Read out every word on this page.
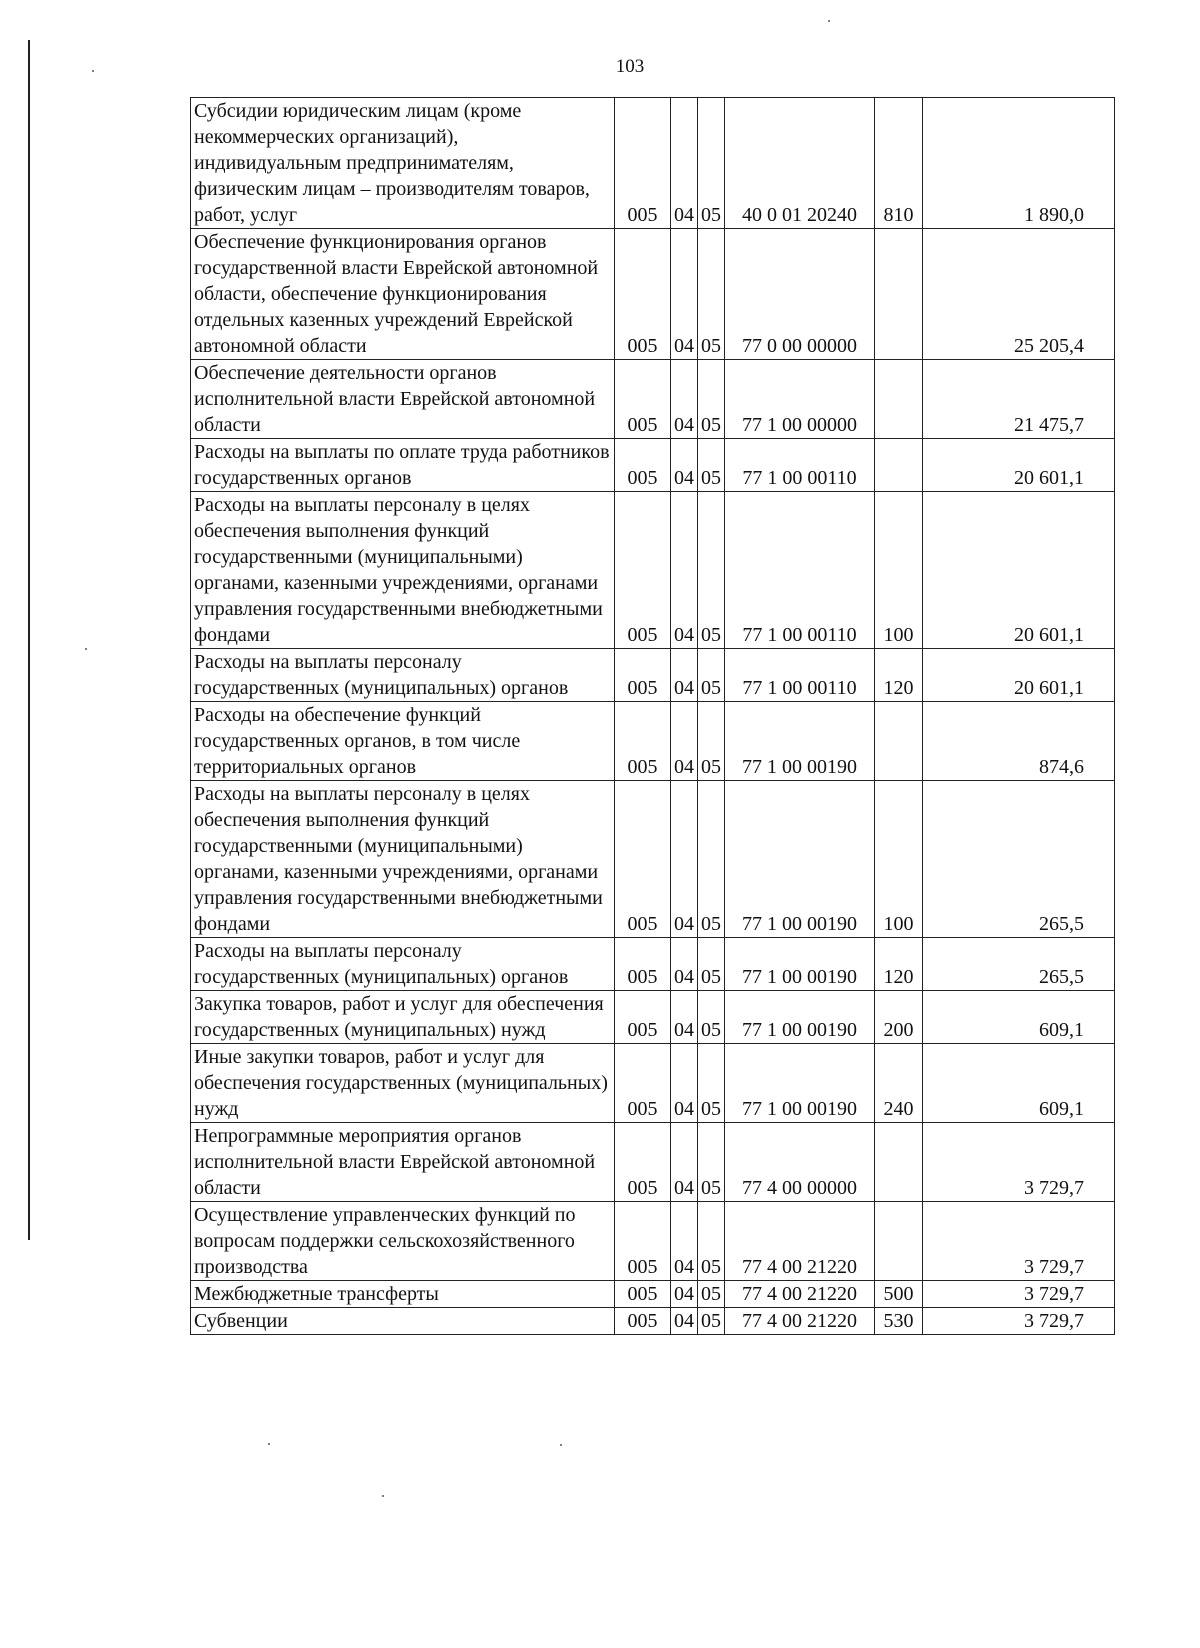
103
Субсидии юридическим лицам (кроме некоммерческих организаций), индивидуальным предпринимателям, физическим лицам – производителям товаров, работ, услуг	005	04	05	40 0 01 20240	810	1 890,0
Обеспечение функционирования органов государственной власти Еврейской автономной области, обеспечение функционирования отдельных казенных учреждений Еврейской автономной области	005	04	05	77 0 00 00000		25 205,4
Обеспечение деятельности органов исполнительной власти Еврейской автономной области	005	04	05	77 1 00 00000		21 475,7
Расходы на выплаты по оплате труда работников государственных органов	005	04	05	77 1 00 00110		20 601,1
Расходы на выплаты персоналу в целях обеспечения выполнения функций государственными (муниципальными) органами, казенными учреждениями, органами управления государственными внебюджетными фондами	005	04	05	77 1 00 00110	100	20 601,1
Расходы на выплаты персоналу государственных (муниципальных) органов	005	04	05	77 1 00 00110	120	20 601,1
Расходы на обеспечение функций государственных органов, в том числе территориальных органов	005	04	05	77 1 00 00190		874,6
Расходы на выплаты персоналу в целях обеспечения выполнения функций государственными (муниципальными) органами, казенными учреждениями, органами управления государственными внебюджетными фондами	005	04	05	77 1 00 00190	100	265,5
Расходы на выплаты персоналу государственных (муниципальных) органов	005	04	05	77 1 00 00190	120	265,5
Закупка товаров, работ и услуг для обеспечения государственных (муниципальных) нужд	005	04	05	77 1 00 00190	200	609,1
Иные закупки товаров, работ и услуг для обеспечения государственных (муниципальных) нужд	005	04	05	77 1 00 00190	240	609,1
Непрограммные мероприятия органов исполнительной власти Еврейской автономной области	005	04	05	77 4 00 00000		3 729,7
Осуществление управленческих функций по вопросам поддержки сельскохозяйственного производства	005	04	05	77 4 00 21220		3 729,7
Межбюджетные трансферты	005	04	05	77 4 00 21220	500	3 729,7
Субвенции	005	04	05	77 4 00 21220	530	3 729,7
